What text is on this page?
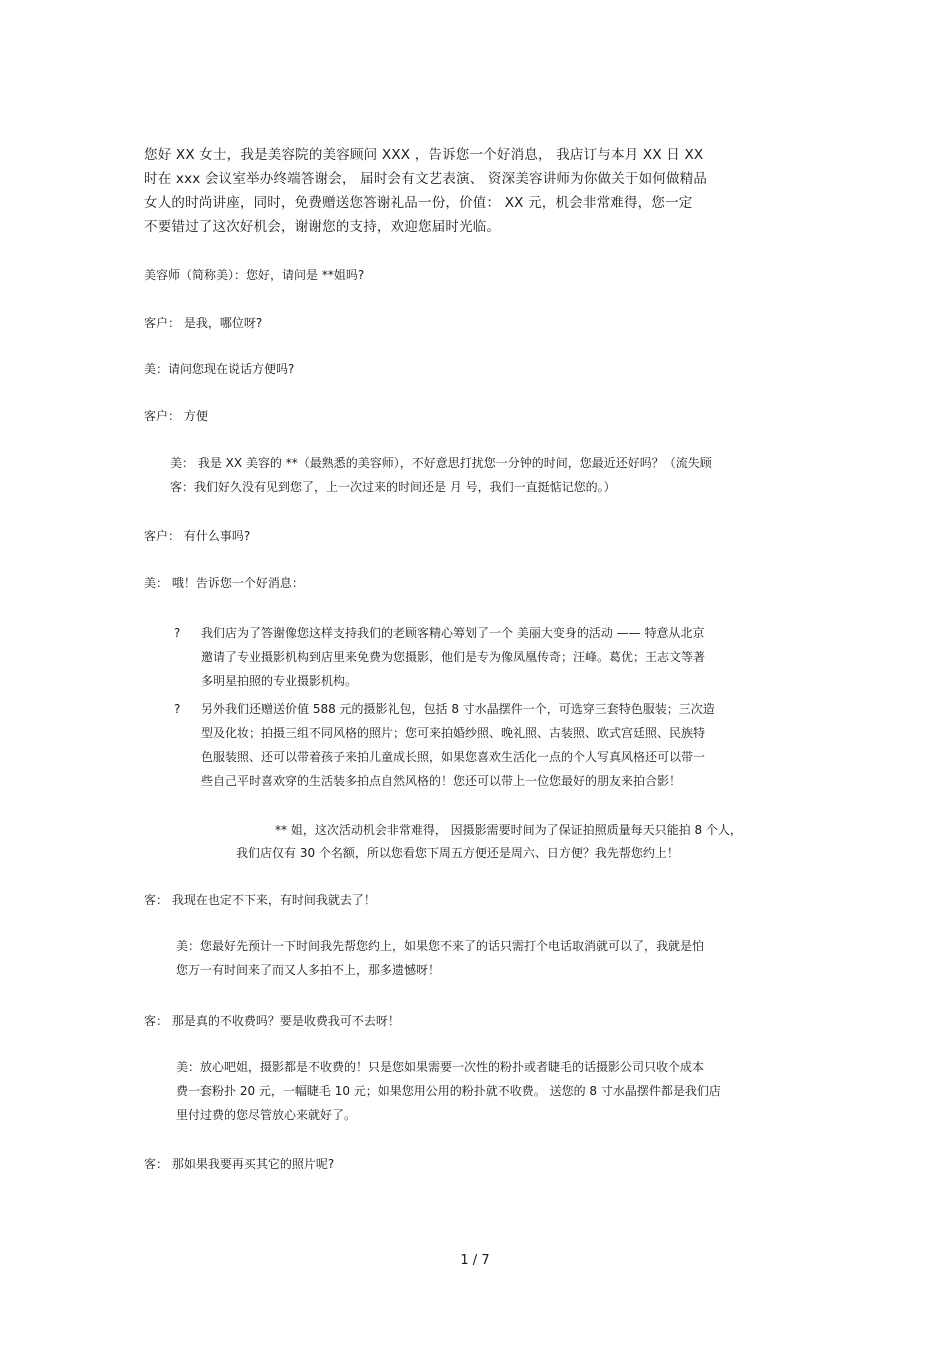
您好 XX 女士，我是美容院的美容顾问 XXX ，告诉您一个好消息， 我店订与本月 XX 日 XX

时在 xxx 会议室举办终端答谢会， 届时会有文艺表演、 资深美容讲师为你做关于如何做精品

女人的时尚讲座，同时，免费赠送您答谢礼品一份，价值： XX 元，机会非常难得，您一定

不要错过了这次好机会，谢谢您的支持，欢迎您届时光临。

美容师（简称美）：您好，请问是 **姐吗?
客户： 是我，哪位呀?
美：请问您现在说话方便吗?
客户： 方便

美： 我是 XX 美容的 **（最熟悉的美容师），不好意思打扰您一分钟的时间，您最近还好吗？（流失顾

客：我们好久没有见到您了，上一次过来的时间还是 月 号，我们一直挺惦记您的。）

客户： 有什么事吗?
美： 哦！告诉您一个好消息：
? 我们店为了答谢像您这样支持我们的老顾客精心筹划了一个 美丽大变身的活动 —— 特意从北京

邀请了专业摄影机构到店里来免费为您摄影，他们是专为像凤凰传奇；汪峰。葛优；王志文等著

多明星拍照的专业摄影机构。

? 另外我们还赠送价值 588 元的摄影礼包，包括 8 寸水晶摆件一个，可选穿三套特色服装；三次造

型及化妆；拍摄三组不同风格的照片；您可来拍婚纱照、晚礼照、古装照、欧式宫廷照、民族特

色服装照、还可以带着孩子来拍儿童成长照，如果您喜欢生活化一点的个人写真风格还可以带一

些自己平时喜欢穿的生活装多拍点自然风格的！您还可以带上一位您最好的朋友来拍合影！

** 姐，这次活动机会非常难得， 因摄影需要时间为了保证拍照质量每天只能拍 8 个人，
我们店仅有 30 个名额，所以您看您下周五方便还是周六、日方便？我先帮您约上！
客： 我现在也定不下来，有时间我就去了！

美：您最好先预计一下时间我先帮您约上，如果您不来了的话只需打个电话取消就可以了，我就是怕

您万一有时间来了而又人多拍不上，那多遗憾呀！

客： 那是真的不收费吗？要是收费我可不去呀！

美：放心吧姐，摄影都是不收费的！只是您如果需要一次性的粉扑或者睫毛的话摄影公司只收个成本

费一套粉扑 20 元，一幅睫毛 10 元；如果您用公用的粉扑就不收费。 送您的 8 寸水晶摆件都是我们店

里付过费的您尽管放心来就好了。

客： 那如果我要再买其它的照片呢?
1 / 7
